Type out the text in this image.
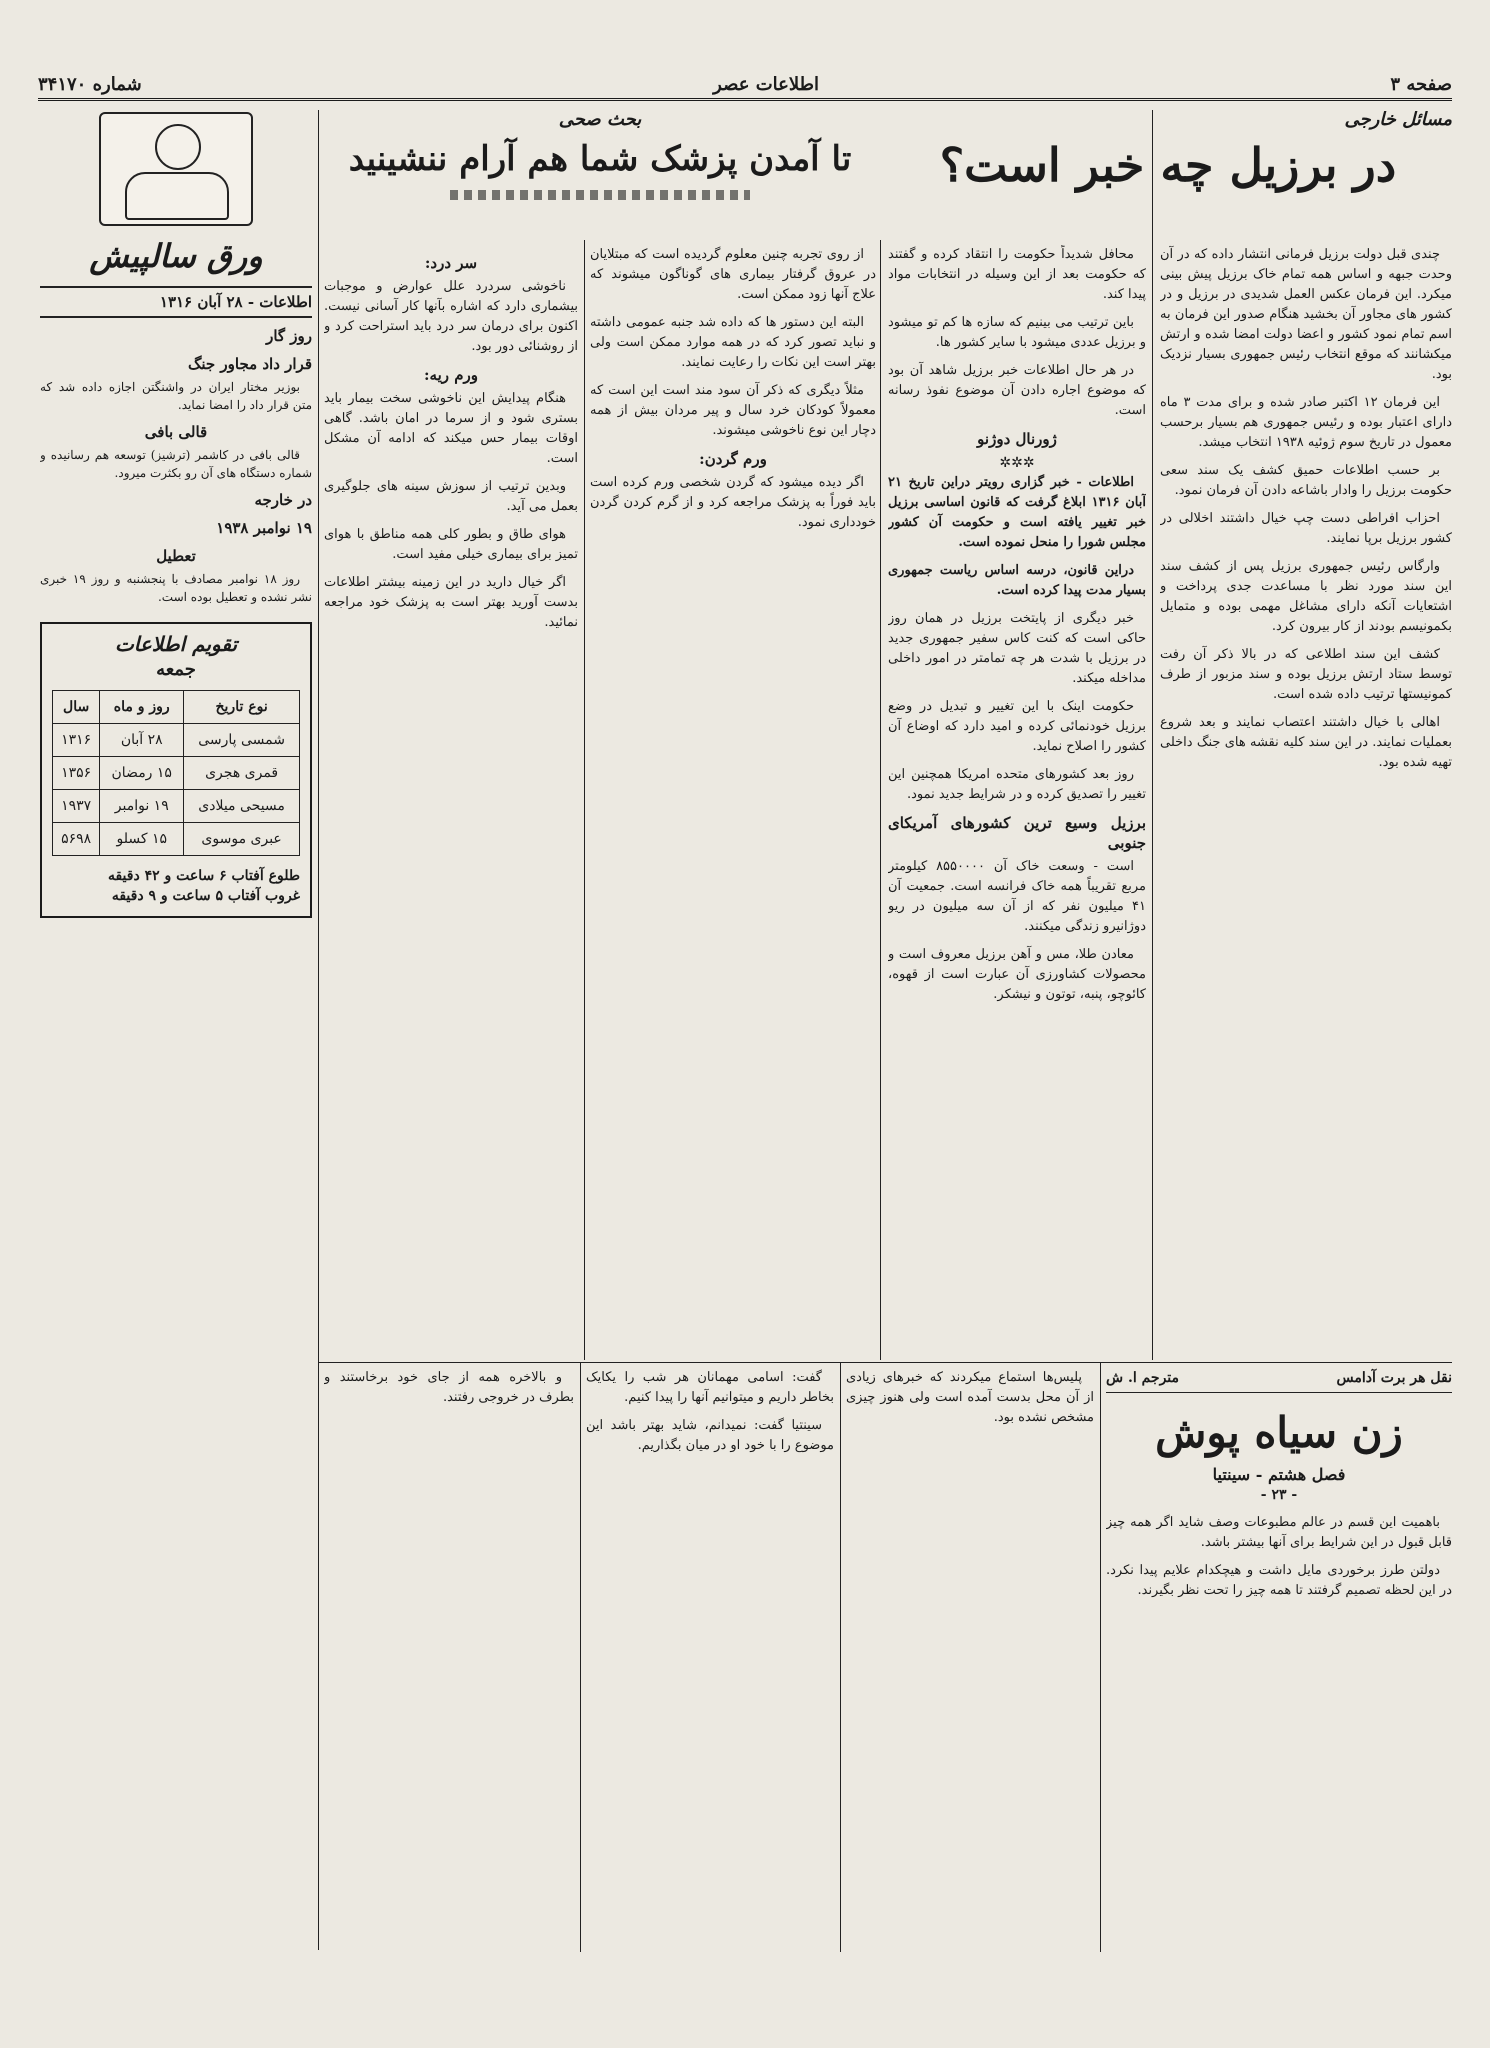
صفحه ۳
اطلاعات عصر
شماره ۳۴۱۷۰
مسائل خارجی
در برزیل چه خبر است؟

چندی قبل دولت برزیل فرمانی انتشار داده که در آن وحدت جبهه و اساس همه تمام خاک برزیل پیش بینی میکرد. این فرمان عکس العمل شدیدی در برزیل و در کشور های مجاور آن بخشید هنگام صدور این فرمان به اسم تمام نمود کشور و اعضا دولت امضا شده و ارتش میکشانند که موقع انتخاب رئیس جمهوری بسیار نزدیک بود.

این فرمان ۱۲ اکتبر صادر شده و برای مدت ۳ ماه دارای اعتبار بوده و رئیس جمهوری هم بسیار برحسب معمول در تاریخ سوم ژوئیه ۱۹۳۸ انتخاب میشد.

بر حسب اطلاعات حمیق کشف یک سند سعی حکومت برزیل را وادار باشاعه دادن آن فرمان نمود.

احزاب افراطی دست چپ خیال داشتند اخلالی در کشور برزیل برپا نمایند.

وارگاس رئیس جمهوری برزیل پس از کشف سند این سند مورد نظر با مساعدت جدی پرداخت و اشتعایات آنکه دارای مشاغل مهمی بوده و متمایل بکمونیسم بودند از کار بیرون کرد.

کشف این سند اطلاعی که در بالا ذکر آن رفت توسط ستاد ارتش برزیل بوده و سند مزبور از طرف کمونیستها ترتیب داده شده است.

اهالی با خیال داشتند اعتصاب نمایند و بعد شروع بعملیات نمایند. در این سند کلیه نقشه های جنگ داخلی تهیه شده بود.

محافل شدیداً حکومت را انتقاد کرده و گفتند که حکومت بعد از این وسیله در انتخابات مواد پیدا کند.

باین ترتیب می بینیم که سازه ها کم تو میشود و برزیل عددی میشود با سایر کشور ها.

در هر حال اطلاعات خبر برزیل شاهد آن بود که موضوع اجاره دادن آن موضوع نفوذ رسانه است.

ژورنال دوژنو
✲✲✲

اطلاعات - خبر گزاری رویتر دراین تاریخ ۲۱ آبان ۱۳۱۶ ابلاغ گرفت که قانون اساسی برزیل خبر تغییر یافته است و حکومت آن کشور مجلس شورا را منحل نموده است.

دراین قانون، درسه اساس ریاست جمهوری بسیار مدت پیدا کرده است.

خبر دیگری از پایتخت برزیل در همان روز حاکی است که کنت کاس سفیر جمهوری جدید در برزیل با شدت هر چه تمامتر در امور داخلی مداخله میکند.

حکومت اینک با این تغییر و تبدیل در وضع برزیل خودنمائی کرده و امید دارد که اوضاع آن کشور را اصلاح نماید.

روز بعد کشورهای متحده امریکا همچنین این تغییر را تصدیق کرده و در شرایط جدید نمود.

برزیل وسیع ترین کشورهای آمریکای جنوبی

است - وسعت خاک آن ۸۵۵۰۰۰۰ کیلومتر مربع تقریباً همه خاک فرانسه است. جمعیت آن ۴۱ میلیون نفر که از آن سه میلیون در ریو دوژانیرو زندگی میکنند.

معادن طلا، مس و آهن برزیل معروف است و محصولات کشاورزی آن عبارت است از قهوه، کائوچو، پنبه، توتون و نیشکر.

بحث صحی
تا آمدن پزشک شما هم آرام ننشینید

از روی تجربه چنین معلوم گردیده است که مبتلایان در عروق گرفتار بیماری های گوناگون میشوند که علاج آنها زود ممکن است.

البته این دستور ها که داده شد جنبه عمومی داشته و نباید تصور کرد که در همه موارد ممکن است ولی بهتر است این نکات را رعایت نمایند.

مثلاً دیگری که ذکر آن سود مند است این است که معمولاً کودکان خرد سال و پیر مردان بیش از همه دچار این نوع ناخوشی میشوند.

ورم گردن:

اگر دیده میشود که گردن شخصی ورم کرده است باید فوراً به پزشک مراجعه کرد و از گرم کردن گردن خودداری نمود.

سر درد:

ناخوشی سردرد علل عوارض و موجبات بیشماری دارد که اشاره بآنها کار آسانی نیست. اکنون برای درمان سر درد باید استراحت کرد و از روشنائی دور بود.

ورم ریه:

هنگام پیدایش این ناخوشی سخت بیمار باید بستری شود و از سرما در امان باشد. گاهی اوقات بیمار حس میکند که ادامه آن مشکل است.

وبدین ترتیب از سوزش سینه های جلوگیری بعمل می آید.

هوای طاق و بطور کلی همه مناطق با هوای تمیز برای بیماری خیلی مفید است.

اگر خیال دارید در این زمینه بیشتر اطلاعات بدست آورید بهتر است به پزشک خود مراجعه نمائید.

ورق سالپیش
اطلاعات - ۲۸ آبان ۱۳۱۶
روز گار
قرار داد مجاور جنگ

بوزیر مختار ایران در واشنگتن اجازه داده شد که متن قرار داد را امضا نماید.

قالی بافی

قالی بافی در کاشمر (ترشیز) توسعه هم رسانیده و شماره دستگاه های آن رو بکثرت میرود.

در خارجه
۱۹ نوامبر ۱۹۳۸
تعطیل

روز ۱۸ نوامبر مصادف با پنجشنبه و روز ۱۹ خبری نشر نشده و تعطیل بوده است.

تقویم اطلاعات
جمعه
نوع تاریخ	روز و ماه	سال
شمسی پارسی	۲۸ آبان	۱۳۱۶
قمری هجری	۱۵ رمضان	۱۳۵۶
مسیحی میلادی	۱۹ نوامبر	۱۹۳۷
عبری موسوی	۱۵ کسلو	۵۶۹۸
طلوع آفتاب ۶ ساعت و ۴۲ دقیقه
غروب آفتاب ۵ ساعت و ۹ دقیقه
نقل هر برت آدامس
مترجم ا. ش
زن سیاه پوش
فصل هشتم - سینتیا
- ۲۳ -

باهمیت این قسم در عالم مطبوعات وصف شاید اگر همه چیز قابل قبول در این شرایط برای آنها بیشتر باشد.

دولتن طرز برخوردی مایل داشت و هیچکدام علایم پیدا نکرد. در این لحظه تصمیم گرفتند تا همه چیز را تحت نظر بگیرند.

پلیس‌ها استماع میکردند که خبرهای زیادی از آن محل بدست آمده است ولی هنوز چیزی مشخص نشده بود.

گفت: اسامی مهمانان هر شب را یکایک بخاطر داریم و میتوانیم آنها را پیدا کنیم.

سینتیا گفت: نمیدانم، شاید بهتر باشد این موضوع را با خود او در میان بگذاریم.

و بالاخره همه از جای خود برخاستند و بطرف در خروجی رفتند.
